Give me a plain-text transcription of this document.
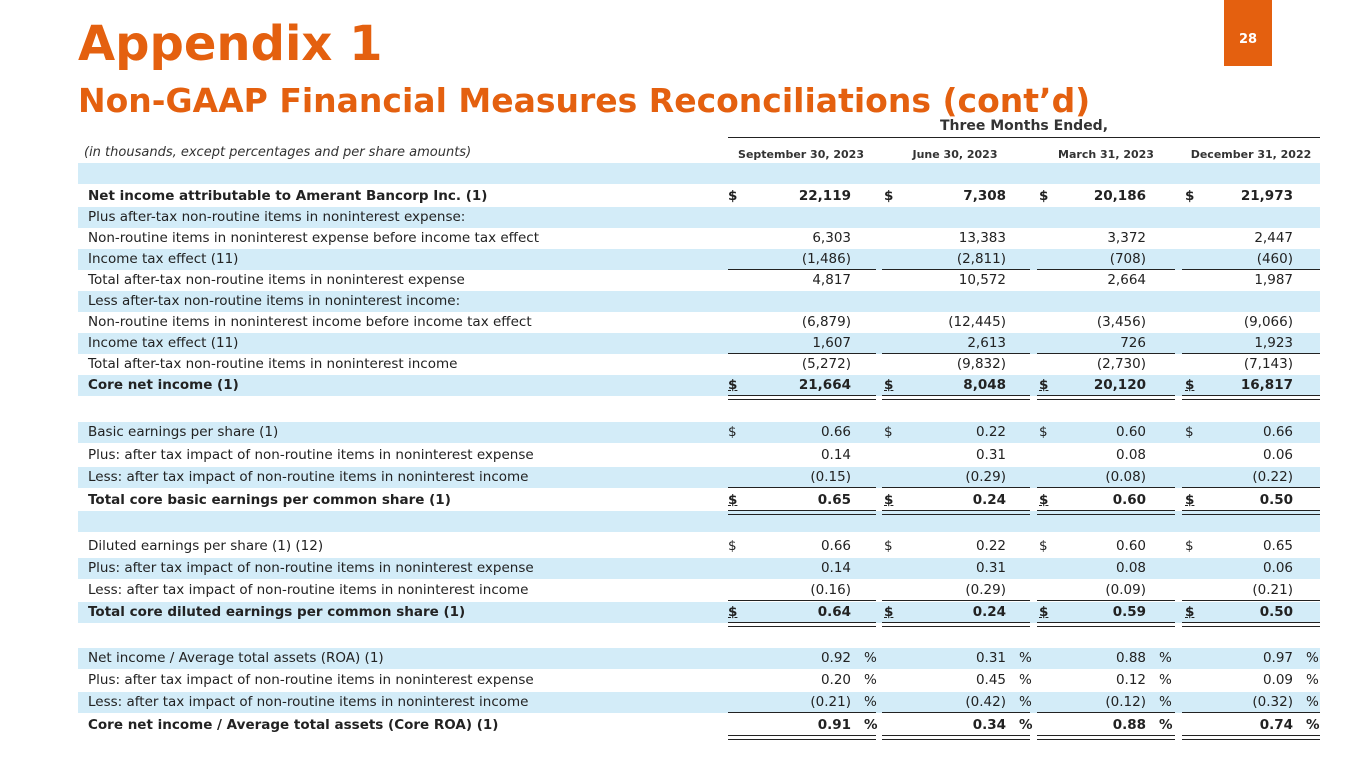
Appendix 1
Non-GAAP Financial Measures Reconciliations (cont’d)
28
Three Months Ended,
(in thousands, except percentages and per share amounts)	September 30, 2023	June 30, 2023	March 31, 2023	December 31, 2022
Net income attributable to Amerant Bancorp Inc. (1)	$	22,119 $	7,308 $	20,186	$	21,973
Plus after-tax non-routine items in noninterest expense:
Non-routine items in noninterest expense before income tax effect	6,303	13,383	3,372	2,447
Income tax effect (11)	(1,486)	(2,811)	(708)	(460)
Total after-tax non-routine items in noninterest expense	4,817	10,572	2,664	1,987
Less after-tax non-routine items in noninterest income:
Non-routine items in noninterest income before income tax effect	(6,879)	(12,445)	(3,456)	(9,066)
Income tax effect (11)	1,607	2,613	726	1,923
Total after-tax non-routine items in noninterest income	(5,272)	(9,832)	(2,730)	(7,143)
Core net income (1)	$	21,664 $	8,048 $	20,120	$	16,817
Basic earnings per share (1)	$	0.66 $	0.22 $	0.60	$	0.66
Plus: after tax impact of non-routine items in noninterest expense	0.14	0.31	0.08	0.06
Less: after tax impact of non-routine items in noninterest income	(0.15)	(0.29)	(0.08)	(0.22)
Total core basic earnings per common share (1)	$	0.65 $	0.24 $	0.60	$	0.50
Diluted earnings per share (1) (12)	$	0.66 $	0.22 $	0.60	$	0.65
Plus: after tax impact of non-routine items in noninterest expense	0.14	0.31	0.08	0.06
Less: after tax impact of non-routine items in noninterest income	(0.16)	(0.29)	(0.09)	(0.21)
Total core diluted earnings per common share (1)	$	0.64 $	0.24 $	0.59	$	0.50
Net income / Average total assets (ROA) (1)	0.92 %	0.31 %	0.88 %	0.97 %
Plus: after tax impact of non-routine items in noninterest expense	0.20 %	0.45 %	0.12 %	0.09 %
Less: after tax impact of non-routine items in noninterest income	(0.21) %	(0.42) %	(0.12) %	(0.32) %
Core net income / Average total assets (Core ROA) (1)	0.91 %	0.34 %	0.88 %	0.74 %
